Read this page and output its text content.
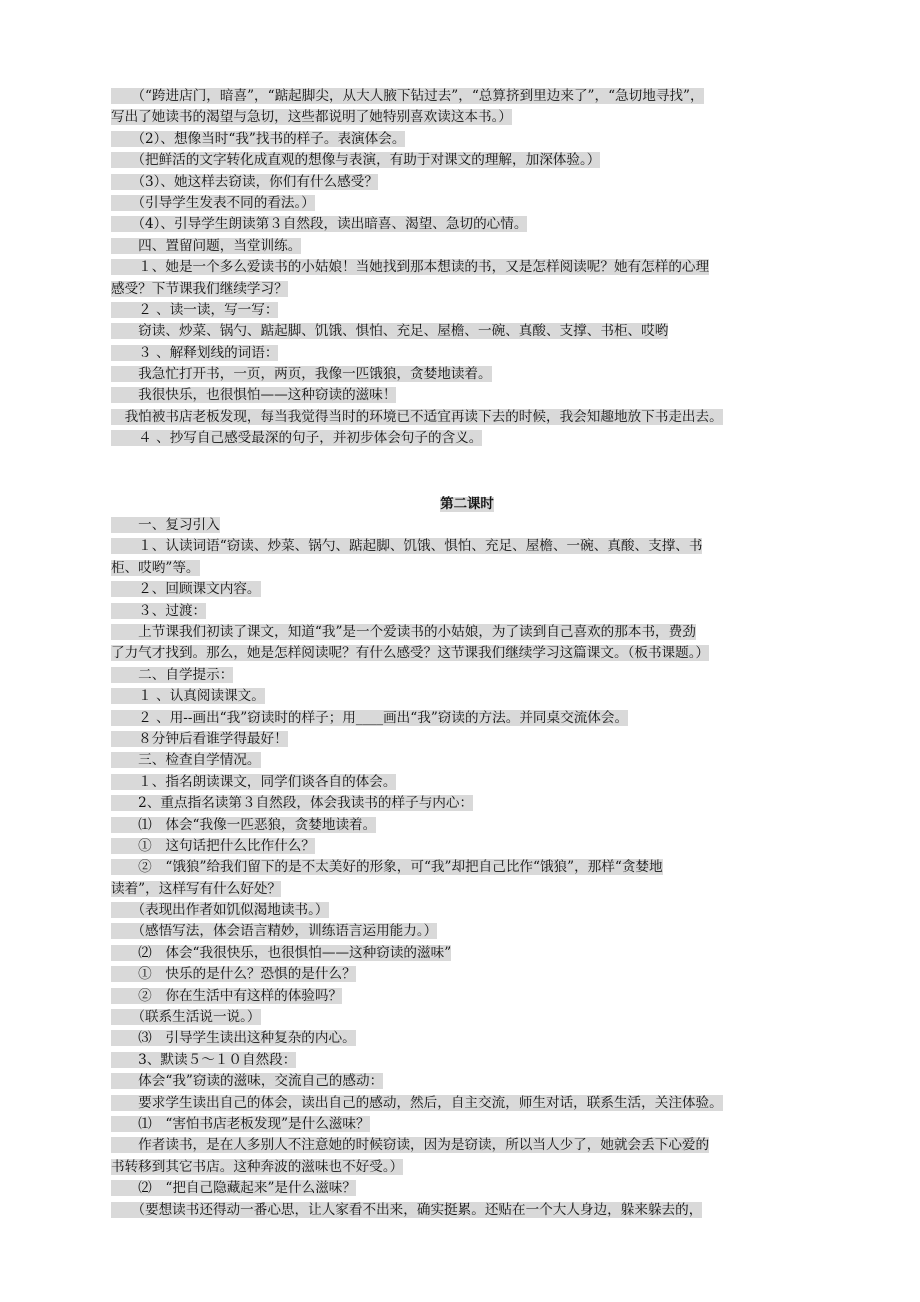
　　（“跨进店门，暗喜”，“踮起脚尖，从大人腋下钻过去”，“总算挤到里边来了”，“急切地寻找”，
写出了她读书的渴望与急切，这些都说明了她特别喜欢读这本书。）
　　（2）、想像当时“我”找书的样子。表演体会。
　　（把鲜活的文字转化成直观的想像与表演，有助于对课文的理解，加深体验。）
　　（3）、她这样去窃读，你们有什么感受？
　　（引导学生发表不同的看法。）
　　（4）、引导学生朗读第３自然段，读出暗喜、渴望、急切的心情。
　　四、置留问题，当堂训练。
　　１、她是一个多么爱读书的小姑娘！当她找到那本想读的书，又是怎样阅读呢？她有怎样的心理
感受？下节课我们继续学习？
　　２ 、读一读，写一写：
　　窃读、炒菜、锅勺、踮起脚、饥饿、惧怕、充足、屋檐、一碗、真酸、支撑、书柜、哎哟
　　３ 、解释划线的词语：
　　我急忙打开书，一页，两页，我像一匹饿狼，贪婪地读着。
　　我很快乐，也很惧怕——这种窃读的滋味！
　我怕被书店老板发现，每当我觉得当时的环境已不适宜再读下去的时候，我会知趣地放下书走出去。
　　４ 、抄写自己感受最深的句子，并初步体会句子的含义。
第二课时
　　一、复习引入
　　１、认读词语“窃读、炒菜、锅勺、踮起脚、饥饿、惧怕、充足、屋檐、一碗、真酸、支撑、书
柜、哎哟”等。
　　２、回顾课文内容。
　　３、过渡：
　　上节课我们初读了课文，知道“我”是一个爱读书的小姑娘，为了读到自己喜欢的那本书，费劲
了力气才找到。那么，她是怎样阅读呢？有什么感受？这节课我们继续学习这篇课文。（板书课题。）
　　二、自学提示：
　　１ 、认真阅读课文。
　　２ 、用--画出“我”窃读时的样子；用____画出“我”窃读的方法。并同桌交流体会。
　　８分钟后看谁学得最好！
　　三、检查自学情况。
　　１、指名朗读课文，同学们谈各自的体会。
　　2、重点指名读第３自然段，体会我读书的样子与内心：
　　⑴　体会“我像一匹恶狼，贪婪地读着。
　　①　这句话把什么比作什么？
　　②　“饿狼”给我们留下的是不太美好的形象，可“我”却把自己比作“饿狼”，那样“贪婪地
读着”，这样写有什么好处？
　　（表现出作者如饥似渴地读书。）
　　（感悟写法，体会语言精妙，训练语言运用能力。）
　　⑵　体会“我很快乐，也很惧怕——这种窃读的滋味”
　　①　快乐的是什么？恐惧的是什么？
　　②　你在生活中有这样的体验吗？
　　（联系生活说一说。）
　　⑶　引导学生读出这种复杂的内心。
　　3、默读５～１０自然段：
　　体会“我”窃读的滋味，交流自己的感动：
　　要求学生读出自己的体会，读出自己的感动，然后，自主交流，师生对话，联系生活，关注体验。
　　⑴　“害怕书店老板发现”是什么滋味？
　　作者读书，是在人多别人不注意她的时候窃读，因为是窃读，所以当人少了，她就会丢下心爱的
书转移到其它书店。这种奔波的滋味也不好受。）
　　⑵　“把自己隐藏起来”是什么滋味？
　　（要想读书还得动一番心思，让人家看不出来，确实挺累。还贴在一个大人身边，躲来躲去的，
